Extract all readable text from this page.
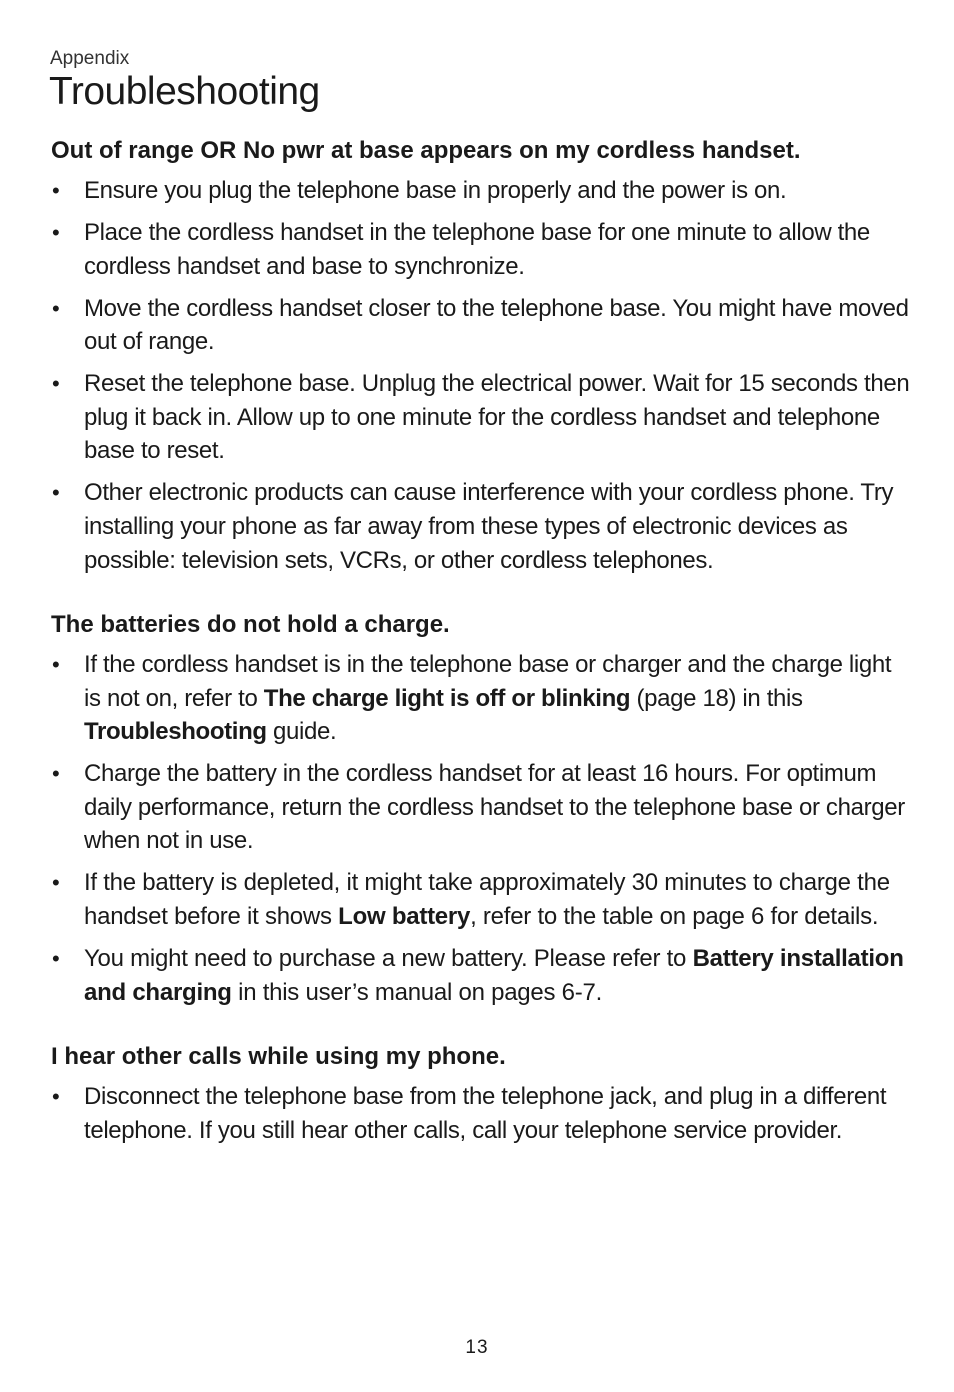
Appendix
Troubleshooting
Out of range OR No pwr at base appears on my cordless handset.
• Ensure you plug the telephone base in properly and the power is on.
• Place the cordless handset in the telephone base for one minute to allow the cordless handset and base to synchronize.
• Move the cordless handset closer to the telephone base. You might have moved out of range.
• Reset the telephone base. Unplug the electrical power. Wait for 15 seconds then plug it back in. Allow up to one minute for the cordless handset and telephone base to reset.
• Other electronic products can cause interference with your cordless phone. Try installing your phone as far away from these types of electronic devices as possible: television sets, VCRs, or other cordless telephones.
The batteries do not hold a charge.
• If the cordless handset is in the telephone base or charger and the charge light is not on, refer to The charge light is off or blinking (page 18) in this Troubleshooting guide.
• Charge the battery in the cordless handset for at least 16 hours. For optimum daily performance, return the cordless handset to the telephone base or charger when not in use.
• If the battery is depleted, it might take approximately 30 minutes to charge the handset before it shows Low battery, refer to the table on page 6 for details.
• You might need to purchase a new battery. Please refer to Battery installation and charging in this user’s manual on pages 6-7.
I hear other calls while using my phone.
• Disconnect the telephone base from the telephone jack, and plug in a different telephone. If you still hear other calls, call your telephone service provider.
13
